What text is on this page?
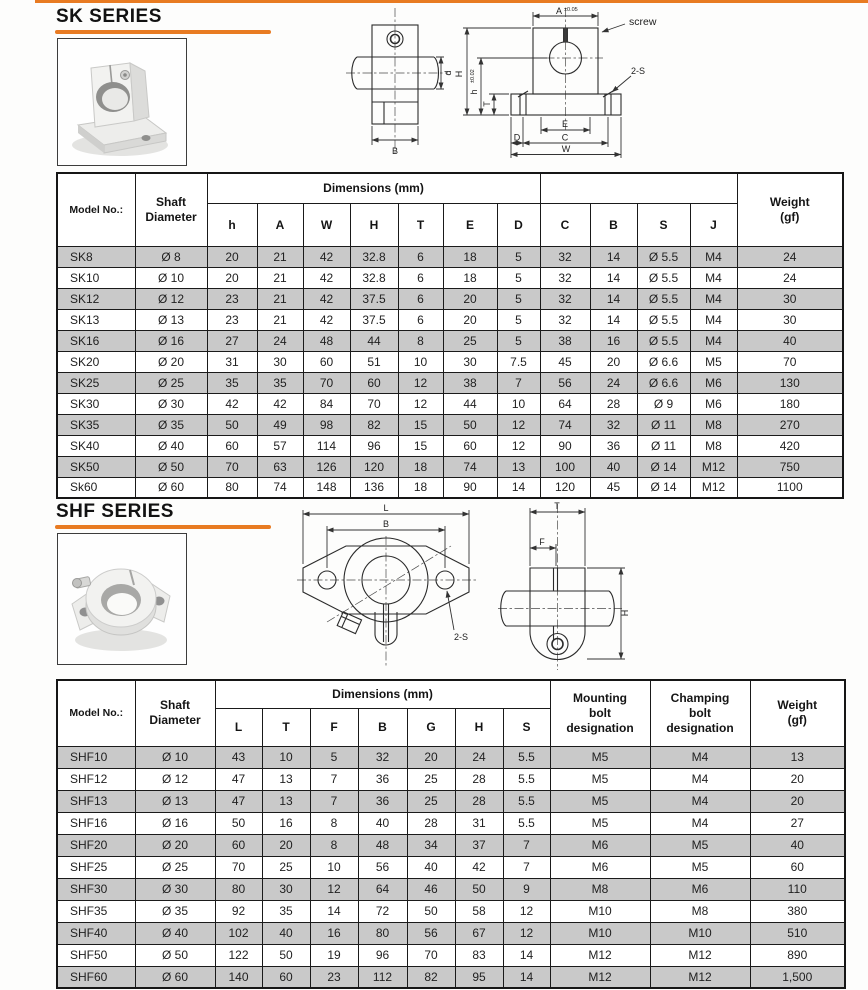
SK SERIES
d
B
A ±0.05
screw
H
h
±0.02
T
2-S
E
D	C
W
Model No.:	Shaft
Diameter	Dimensions (mm)											Weight
(gf)

		h	A	W	H	T	E	D	C	B	S	J	
SK8	Ø 8	20	21	42	32.8	6	18	5	32	14	Ø 5.5	M4	24
SK10	Ø 10	20	21	42	32.8	6	18	5	32	14	Ø 5.5	M4	24
SK12	Ø 12	23	21	42	37.5	6	20	5	32	14	Ø 5.5	M4	30
SK13	Ø 13	23	21	42	37.5	6	20	5	32	14	Ø 5.5	M4	30
SK16	Ø 16	27	24	48	44	8	25	5	38	16	Ø 5.5	M4	40
SK20	Ø 20	31	30	60	51	10	30	7.5	45	20	Ø 6.6	M5	70
SK25	Ø 25	35	35	70	60	12	38	7	56	24	Ø 6.6	M6	130
SK30	Ø 30	42	42	84	70	12	44	10	64	28	Ø 9	M6	180
SK35	Ø 35	50	49	98	82	15	50	12	74	32	Ø 11	M8	270
SK40	Ø 40	60	57	114	96	15	60	12	90	36	Ø 11	M8	420
SK50	Ø 50	70	63	126	120	18	74	13	100	40	Ø 14	M12	750
Sk60	Ø 60	80	74	148	136	18	90	14	120	45	Ø 14	M12	1100
SHF SERIES	L
B
2-S
T
F
H
Model No.:	Shaft
Diameter	Dimensions (mm)							Mounting
bolt
designation	Champing
bolt
designation	Weight
(gf)

		L	T	F	B	G	H	S			
SHF10	Ø 10	43	10	5	32	20	24	5.5	M5	M4	13
SHF12	Ø 12	47	13	7	36	25	28	5.5	M5	M4	20
SHF13	Ø 13	47	13	7	36	25	28	5.5	M5	M4	20
SHF16	Ø 16	50	16	8	40	28	31	5.5	M5	M4	27
SHF20	Ø 20	60	20	8	48	34	37	7	M6	M5	40
SHF25	Ø 25	70	25	10	56	40	42	7	M6	M5	60
SHF30	Ø 30	80	30	12	64	46	50	9	M8	M6	110
SHF35	Ø 35	92	35	14	72	50	58	12	M10	M8	380
SHF40	Ø 40	102	40	16	80	56	67	12	M10	M10	510
SHF50	Ø 50	122	50	19	96	70	83	14	M12	M12	890
SHF60	Ø 60	140	60	23	112	82	95	14	M12	M12	1,500
